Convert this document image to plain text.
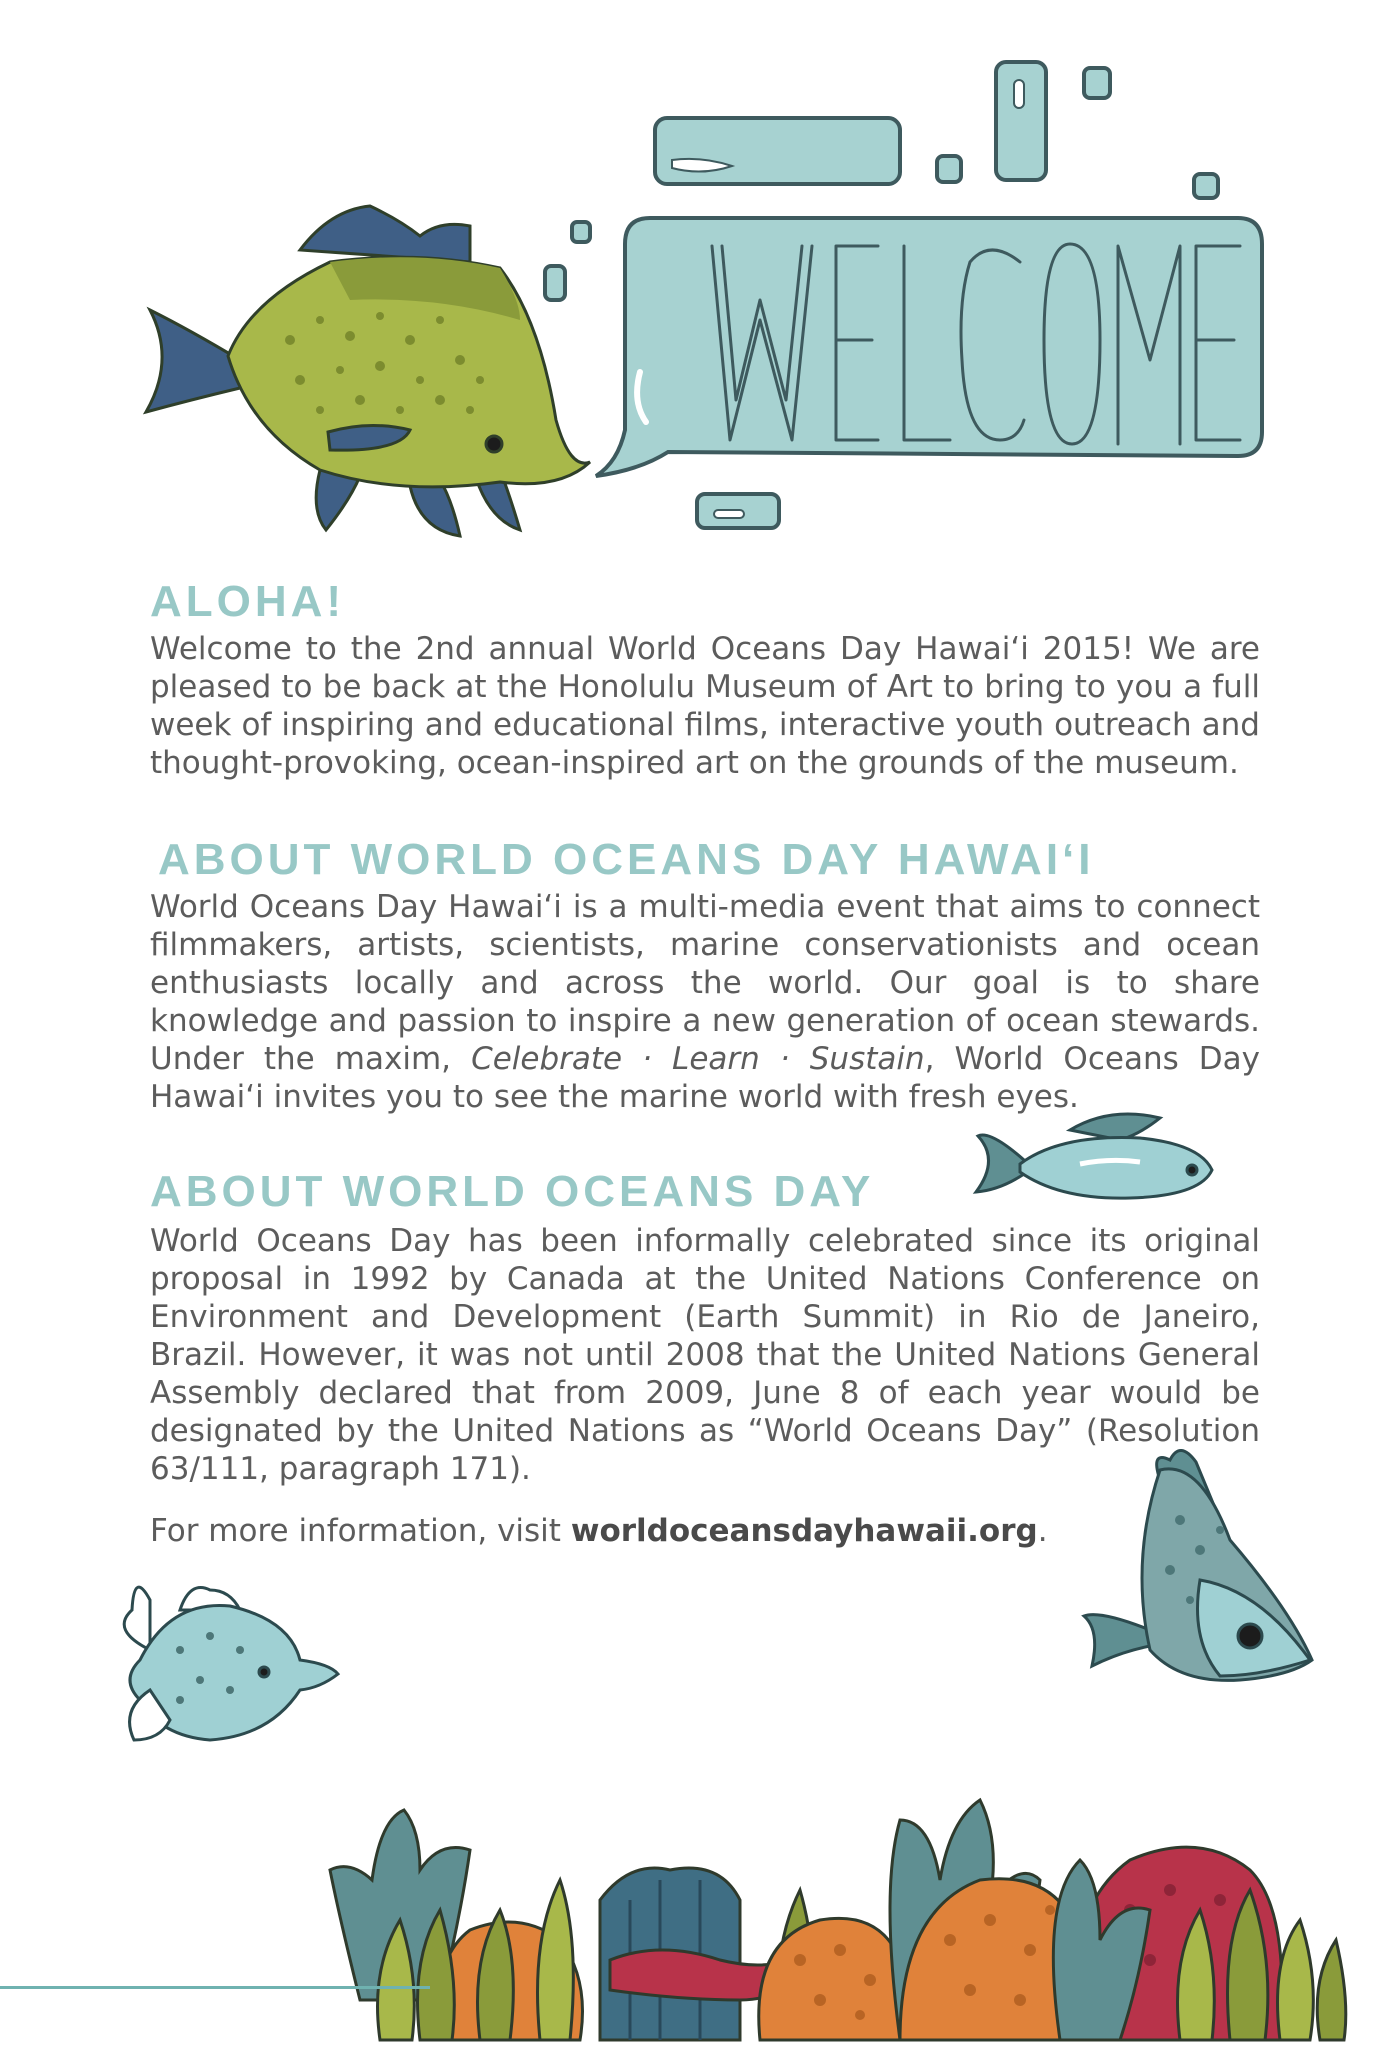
ALOHA!

Welcome to the 2nd annual World Oceans Day Hawai‘i 2015! We are pleased to be back at the Honolulu Museum of Art to bring to you a full week of inspiring and educational films, interactive youth outreach and thought-provoking, ocean-inspired art on the grounds of the museum.

ABOUT WORLD OCEANS DAY HAWAI‘I

World Oceans Day Hawai‘i is a multi-media event that aims to connect filmmakers, artists, scientists, marine conservationists and ocean enthusiasts locally and across the world. Our goal is to share knowledge and passion to inspire a new generation of ocean stewards. Under the maxim, Celebrate · Learn · Sustain, World Oceans Day Hawai‘i invites you to see the marine world with fresh eyes.

ABOUT WORLD OCEANS DAY

World Oceans Day has been informally celebrated since its original proposal in 1992 by Canada at the United Nations Conference on Environment and Development (Earth Summit) in Rio de Janeiro, Brazil. However, it was not until 2008 that the United Nations General Assembly declared that from 2009, June 8 of each year would be designated by the United Nations as “World Oceans Day” (Resolution 63/111, paragraph 171).

For more information, visit worldoceansdayhawaii.org.
